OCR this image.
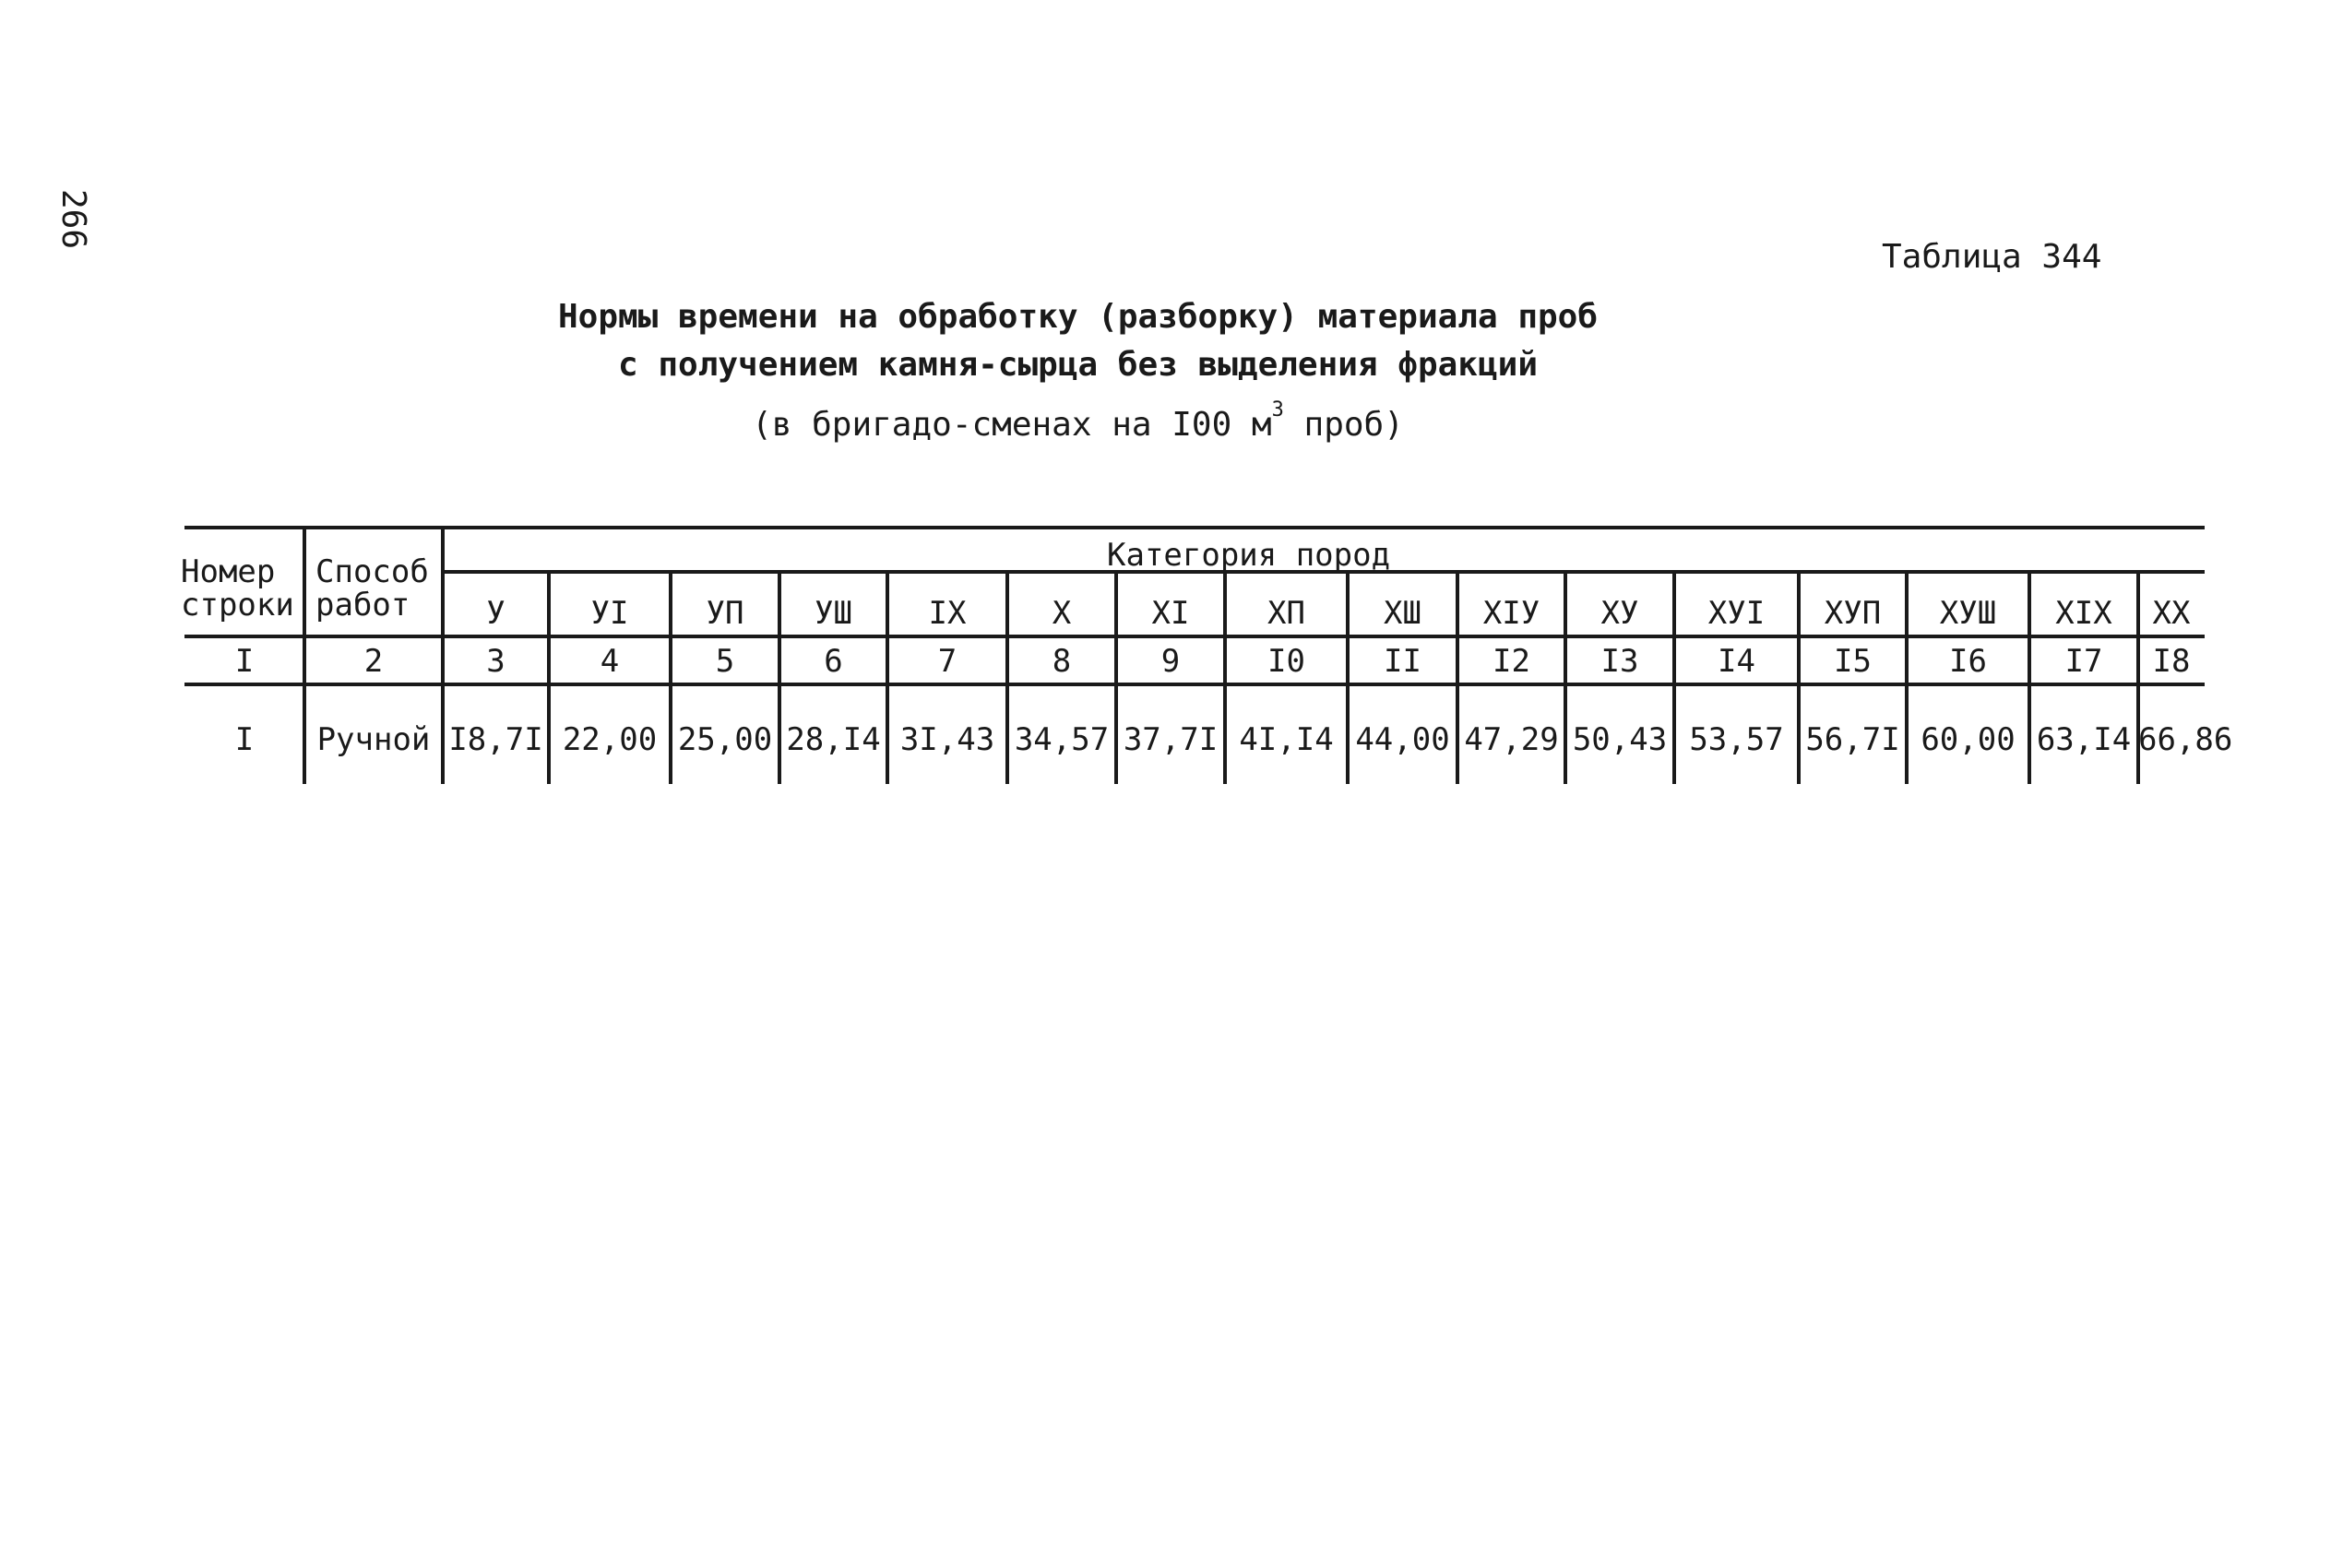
266
Таблица 344
Нормы времени на обработку (разборку) материала проб
с получением камня-сырца без выделения фракций
(в бригадо-сменах на I00 $м^3$ проб)
Номер
строки
Способ
работ
Категория пород
У	УI	УП	УШ	IХ	Х	ХI	ХП	ХШ	ХIУ	ХУ	ХУI	ХУП	ХУШ	ХIХ	ХХ
I	2	3	4	5	6	7	8	9	I0	II	I2	I3	I4	I5	I6	I7	I8
I	Ручной I8,7I 22,00 25,00 28,I4 3I,43 34,57 37,7I 4I,I4 44,00 47,29 50,43 53,57 56,7I 60,00 63,I4 66,86
